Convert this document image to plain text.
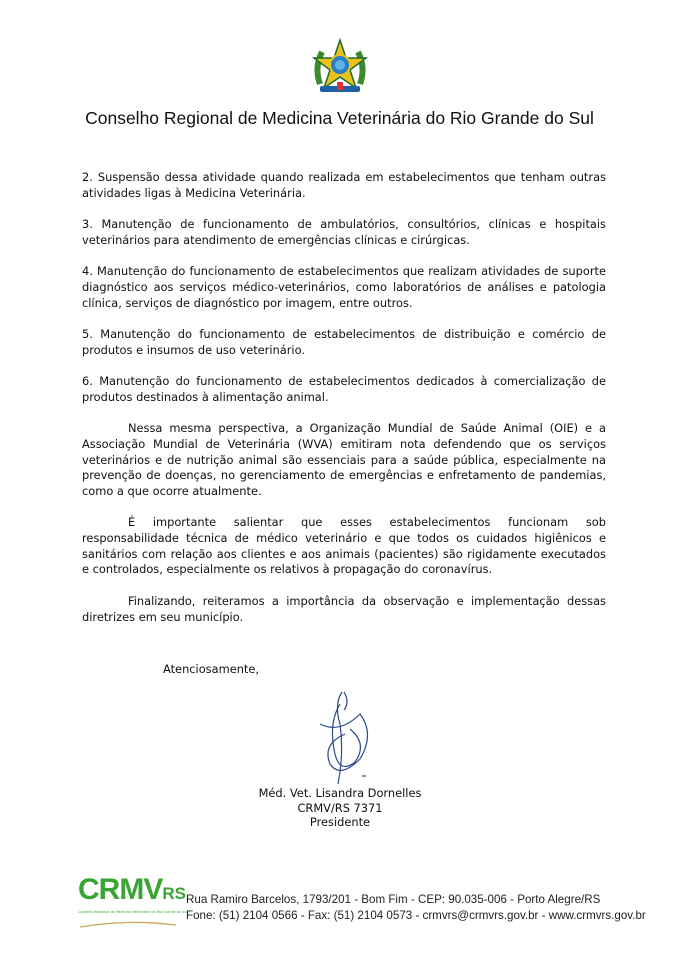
Conselho Regional de Medicina Veterinária do Rio Grande do Sul

2. Suspensão dessa atividade quando realizada em estabelecimentos que tenham outras atividades ligas à Medicina Veterinária.

3. Manutenção de funcionamento de ambulatórios, consultórios, clínicas e hospitais veterinários para atendimento de emergências clínicas e cirúrgicas.

4. Manutenção do funcionamento de estabelecimentos que realizam atividades de suporte diagnóstico aos serviços médico-veterinários, como laboratórios de análises e patologia clínica, serviços de diagnóstico por imagem, entre outros.

5. Manutenção do funcionamento de estabelecimentos de distribuição e comércio de produtos e insumos de uso veterinário.

6. Manutenção do funcionamento de estabelecimentos dedicados à comercialização de produtos destinados à alimentação animal.

Nessa mesma perspectiva, a Organização Mundial de Saúde Animal (OIE) e a Associação Mundial de Veterinária (WVA) emitiram nota defendendo que os serviços veterinários e de nutrição animal são essenciais para a saúde pública, especialmente na prevenção de doenças, no gerenciamento de emergências e enfretamento de pandemias, como a que ocorre atualmente.

É importante salientar que esses estabelecimentos funcionam sob responsabilidade técnica de médico veterinário e que todos os cuidados higiênicos e sanitários com relação aos clientes e aos animais (pacientes) são rigidamente executados e controlados, especialmente os relativos à propagação do coronavírus.

Finalizando, reiteramos a importância da observação e implementação dessas diretrizes em seu município.

Atenciosamente,
Méd. Vet. Lisandra Dornelles
CRMV/RS 7371
Presidente
CRMVRS
Conselho Regional de Medicina Veterinária do Rio Grande do Sul
Rua Ramiro Barcelos, 1793/201 - Bom Fim - CEP: 90.035-006 - Porto Alegre/RS
Fone: (51) 2104 0566 - Fax: (51) 2104 0573 - crmvrs@crmvrs.gov.br - www.crmvrs.gov.br
